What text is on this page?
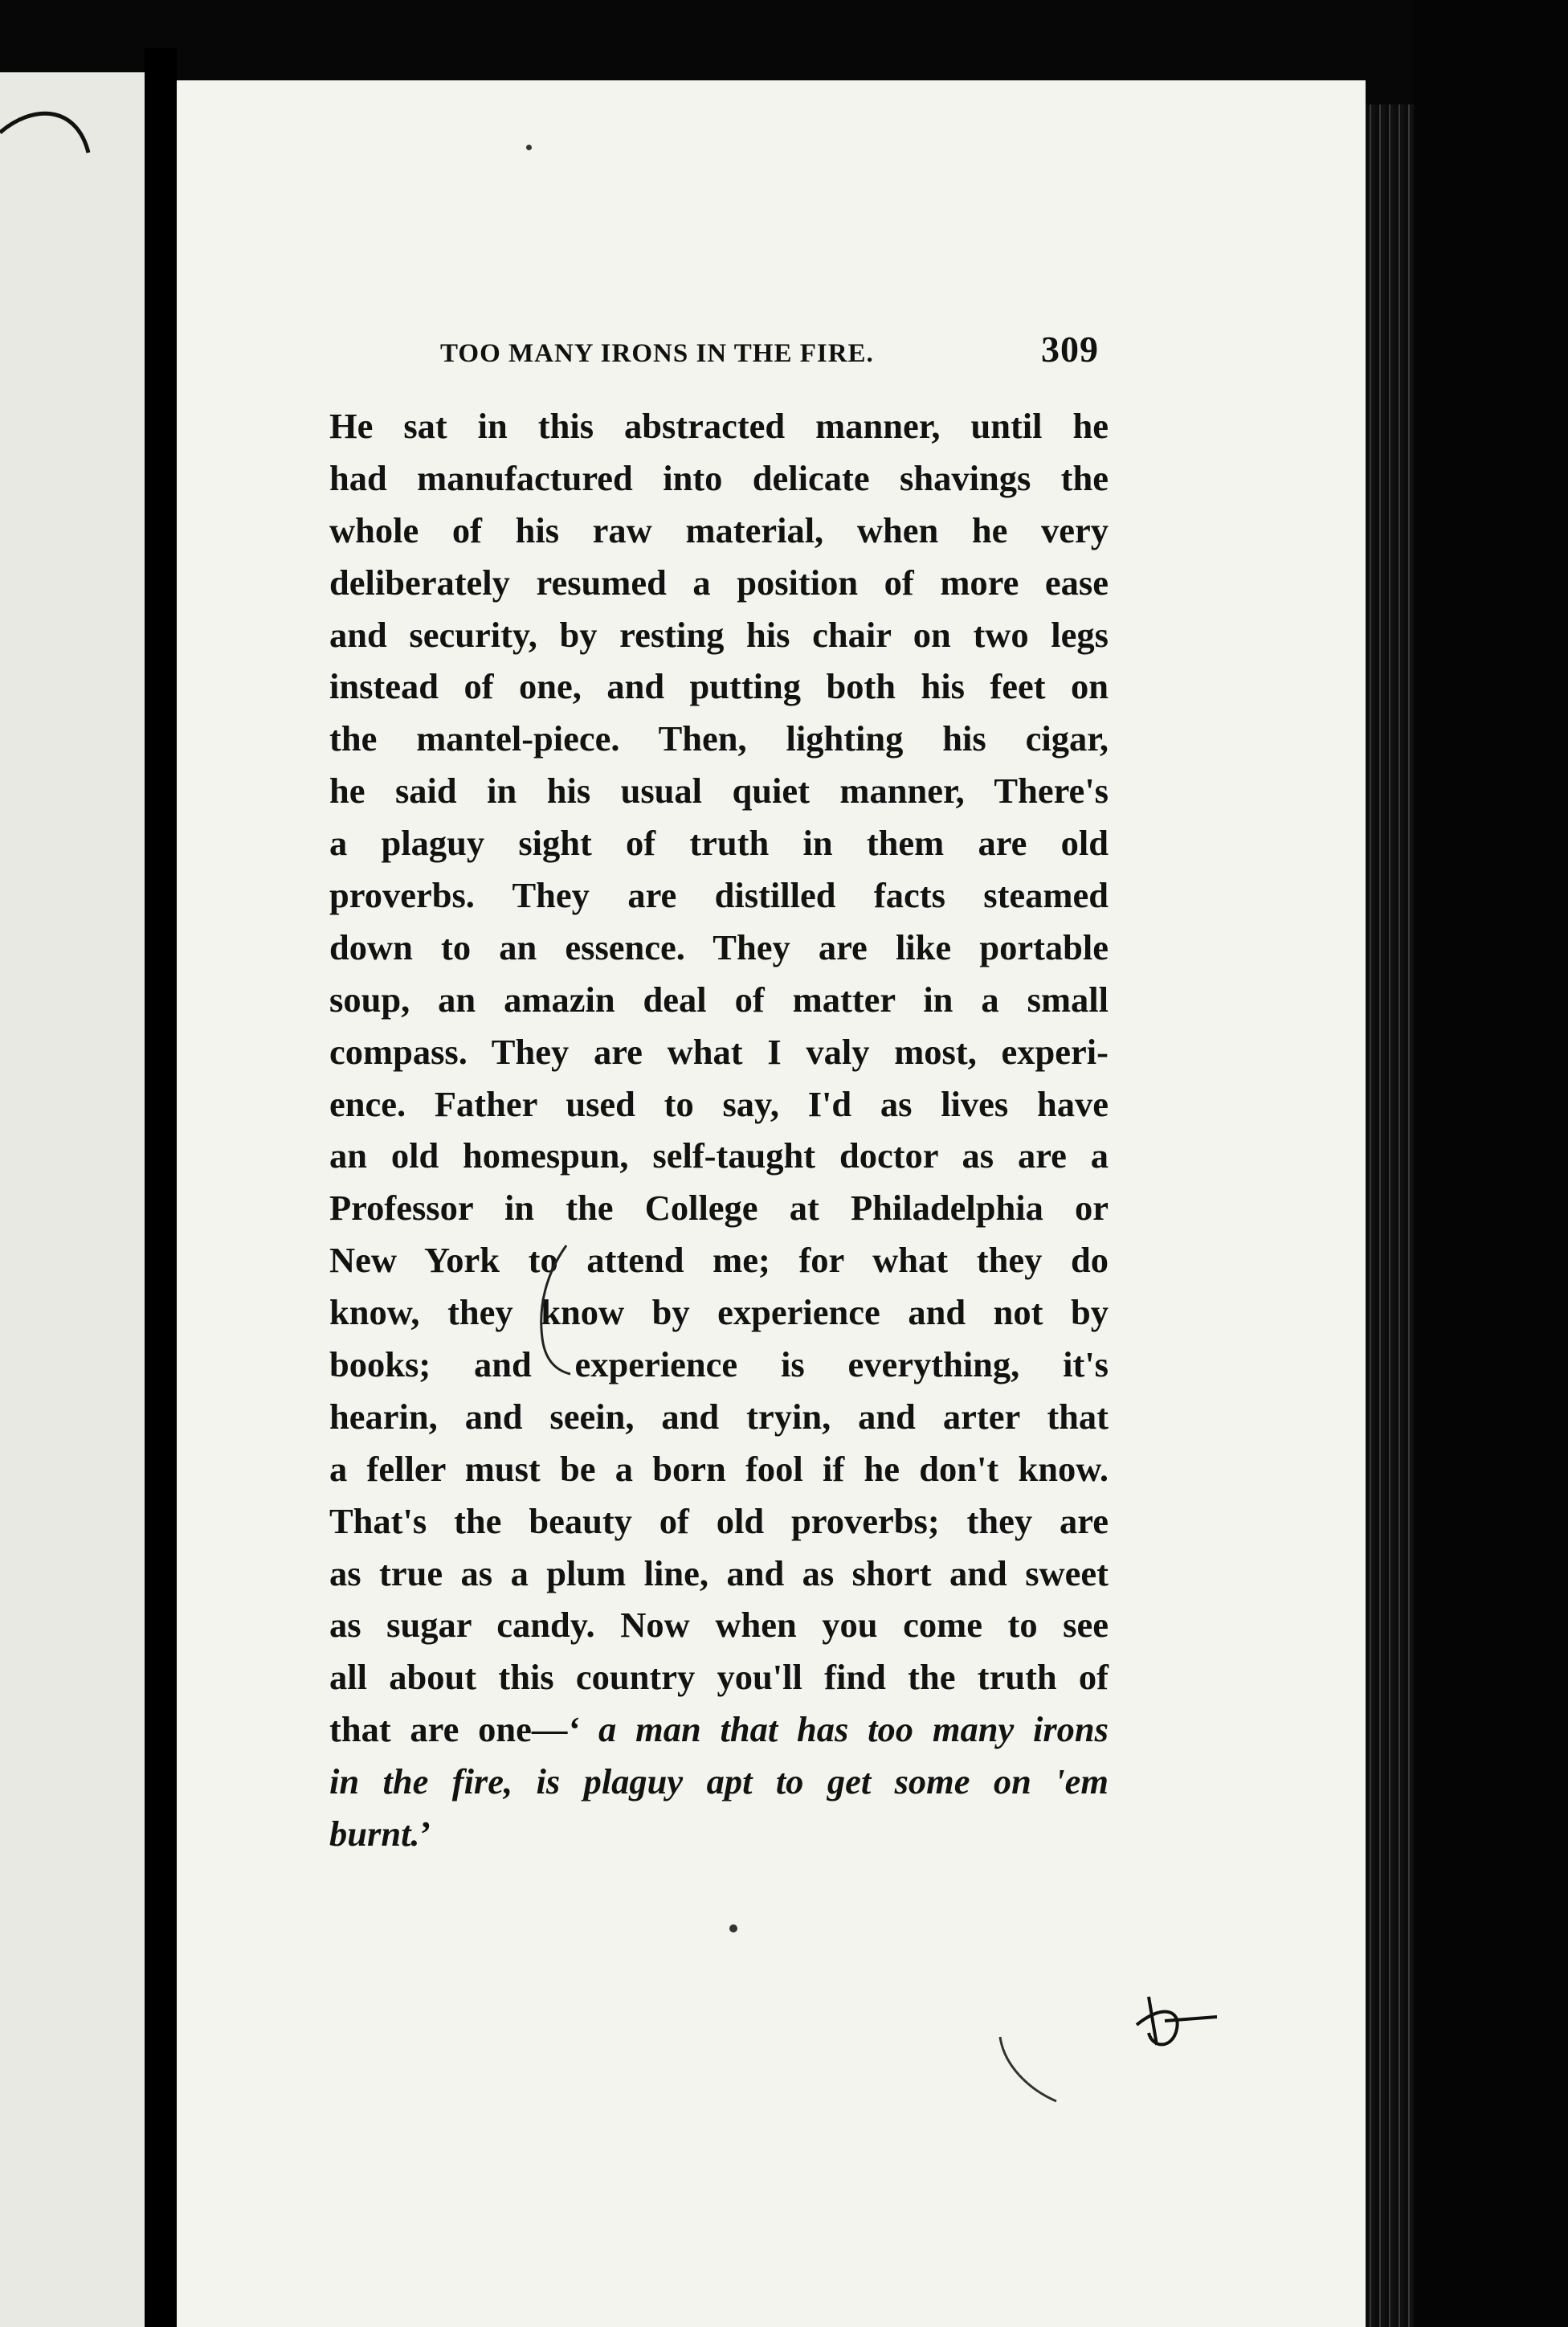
TOO MANY IRONS IN THE FIRE.	309
He sat in this abstracted manner, until he
had manufactured into delicate shavings the
whole of his raw material, when he very
deliberately resumed a position of more ease
and security, by resting his chair on two legs
instead of one, and putting both his feet on
the mantel-piece. Then, lighting his cigar,
he said in his usual quiet manner, There's
a plaguy sight of truth in them are old
proverbs. They are distilled facts steamed
down to an essence. They are like portable
soup, an amazin deal of matter in a small
compass. They are what I valy most, experi-
ence. Father used to say, I'd as lives have
an old homespun, self-taught doctor as are a
Professor in the College at Philadelphia or
New York to attend me; for what they do
know, they know by experience and not by
books; and experience is everything, it's
hearin, and seein, and tryin, and arter that
a feller must be a born fool if he don't know.
That's the beauty of old proverbs; they are
as true as a plum line, and as short and sweet
as sugar candy. Now when you come to see
all about this country you'll find the truth of
that are one—‘ a man that has too many irons
in the fire, is plaguy apt to get some on 'em
burnt.’
